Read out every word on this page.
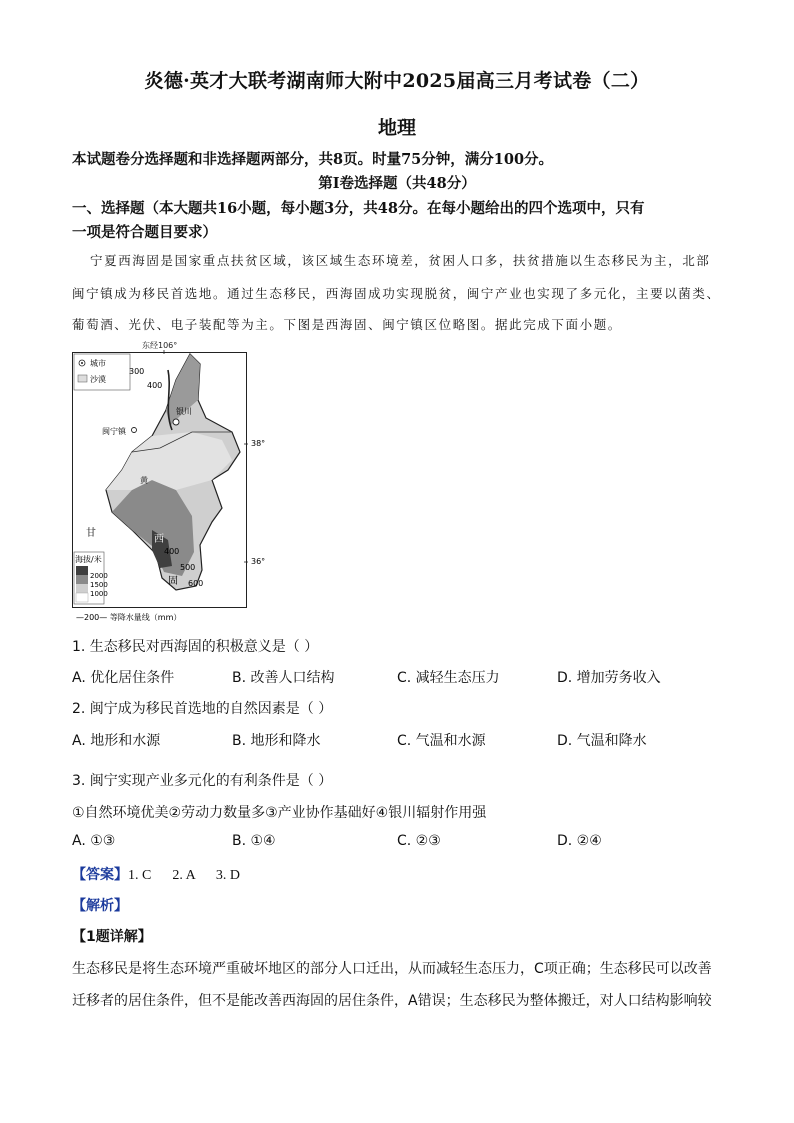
炎德·英才大联考湖南师大附中2025届高三月考试卷（二）
地理
本试题卷分选择题和非选择题两部分，共8页。时量75分钟，满分100分。
第Ⅰ卷选择题（共48分）
一、选择题（本大题共16小题，每小题3分，共48分。在每小题给出的四个选项中，只有
一项是符合题目要求）
宁夏西海固是国家重点扶贫区域，该区域生态环境差，贫困人口多，扶贫措施以生态移民为主，北部
闽宁镇成为移民首选地。通过生态移民，西海固成功实现脱贫，闽宁产业也实现了多元化，主要以菌类、
葡萄酒、光伏、电子装配等为主。下图是西海固、闽宁镇区位略图。据此完成下面小题。
东经106°
城市
沙漠
银川
闽宁镇
300
400
400
500
600
38°
36°
黄
甘
西
固
海拔/米
2000
1500
1000
—200— 等降水量线（mm）
1. 生态移民对西海固的积极意义是（ ）
A. 优化居住条件	B. 改善人口结构	C. 减轻生态压力	D. 增加劳务收入
2. 闽宁成为移民首选地的自然因素是（ ）
A. 地形和水源	B. 地形和降水	C. 气温和水源	D. 气温和降水
3. 闽宁实现产业多元化的有利条件是（ ）
①自然环境优美②劳动力数量多③产业协作基础好④银川辐射作用强
A. ①③	B. ①④	C. ②③	D. ②④
【答案】1. C      2. A      3. D
【解析】
【1题详解】
生态移民是将生态环境严重破坏地区的部分人口迁出，从而减轻生态压力，C项正确；生态移民可以改善
迁移者的居住条件，但不是能改善西海固的居住条件，A错误；生态移民为整体搬迁，对人口结构影响较
